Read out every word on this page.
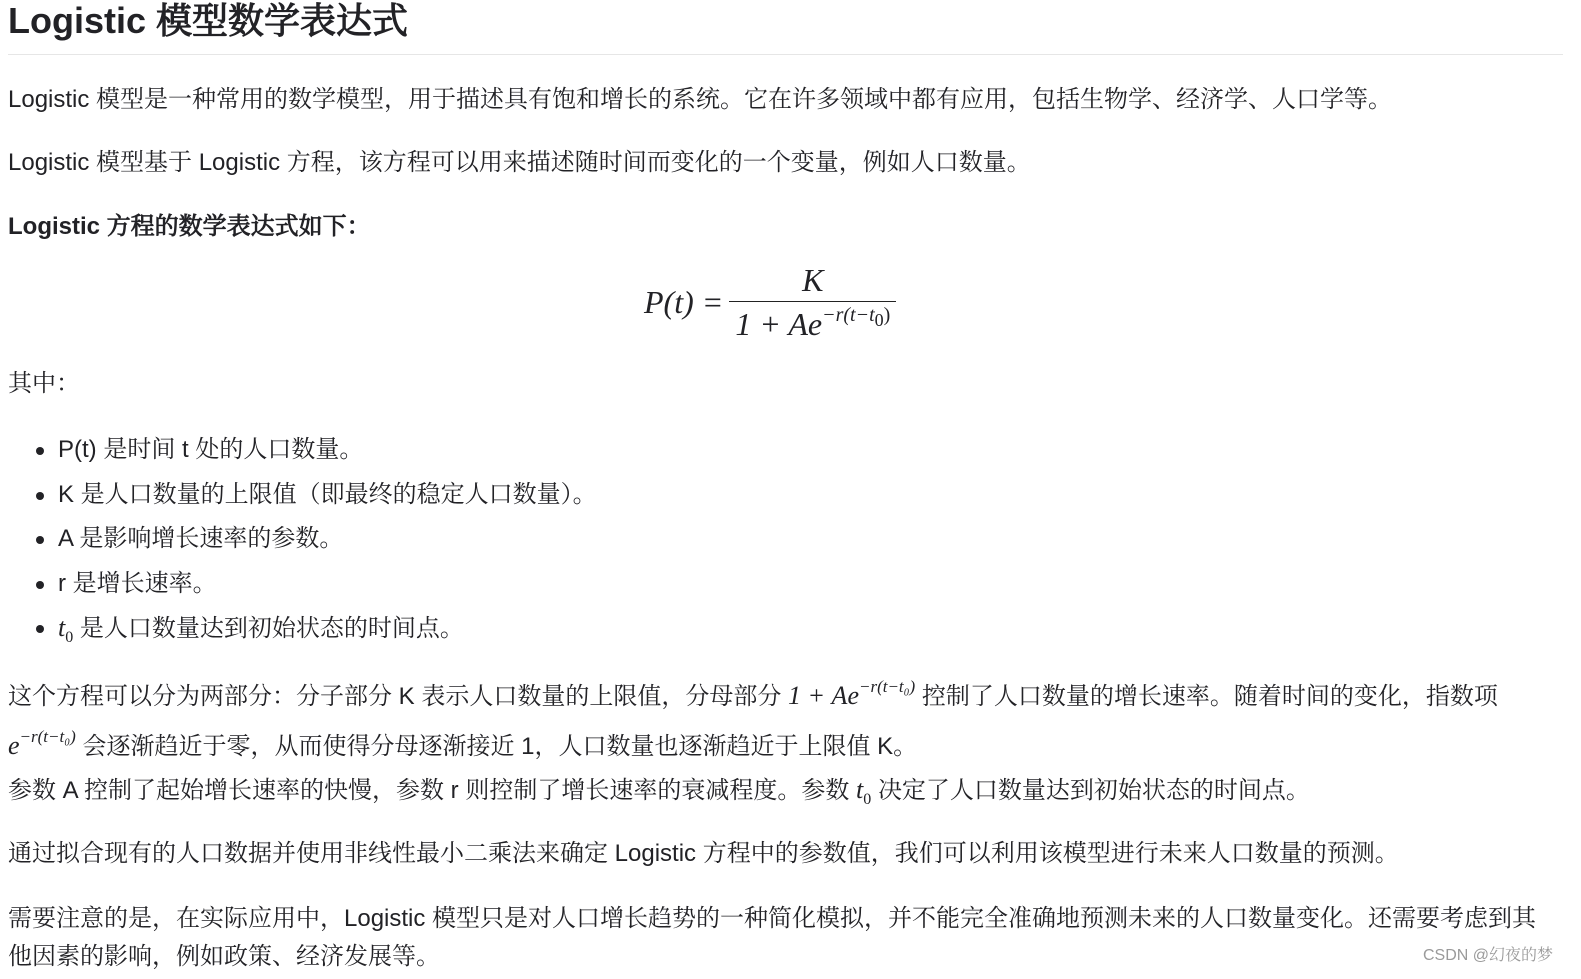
Logistic 模型数学表达式

Logistic 模型是一种常用的数学模型，用于描述具有饱和增长的系统。它在许多领域中都有应用，包括生物学、经济学、人口学等。

Logistic 模型基于 Logistic 方程，该方程可以用来描述随时间而变化的一个变量，例如人口数量。

Logistic 方程的数学表达式如下：

$P(t) = \frac{K}{1 + Ae^{-r(t-t_0)}}$

其中：

P(t) 是时间 t 处的人口数量。
K 是人口数量的上限值（即最终的稳定人口数量）。
A 是影响增长速率的参数。
r 是增长速率。
$t_0$ 是人口数量达到初始状态的时间点。

这个方程可以分为两部分：分子部分 K 表示人口数量的上限值，分母部分 $1 + Ae^{-r(t-t_0)}$ 控制了人口数量的增长速率。随着时间的变化，指数项 $e^{-r(t-t_0)}$ 会逐渐趋近于零，从而使得分母逐渐接近 1，人口数量也逐渐趋近于上限值 K。

参数 A 控制了起始增长速率的快慢，参数 r 则控制了增长速率的衰减程度。参数 $t_0$ 决定了人口数量达到初始状态的时间点。

通过拟合现有的人口数据并使用非线性最小二乘法来确定 Logistic 方程中的参数值，我们可以利用该模型进行未来人口数量的预测。

需要注意的是，在实际应用中，Logistic 模型只是对人口增长趋势的一种简化模拟，并不能完全准确地预测未来的人口数量变化。还需要考虑到其他因素的影响，例如政策、经济发展等。	CSDN @幻夜的梦
